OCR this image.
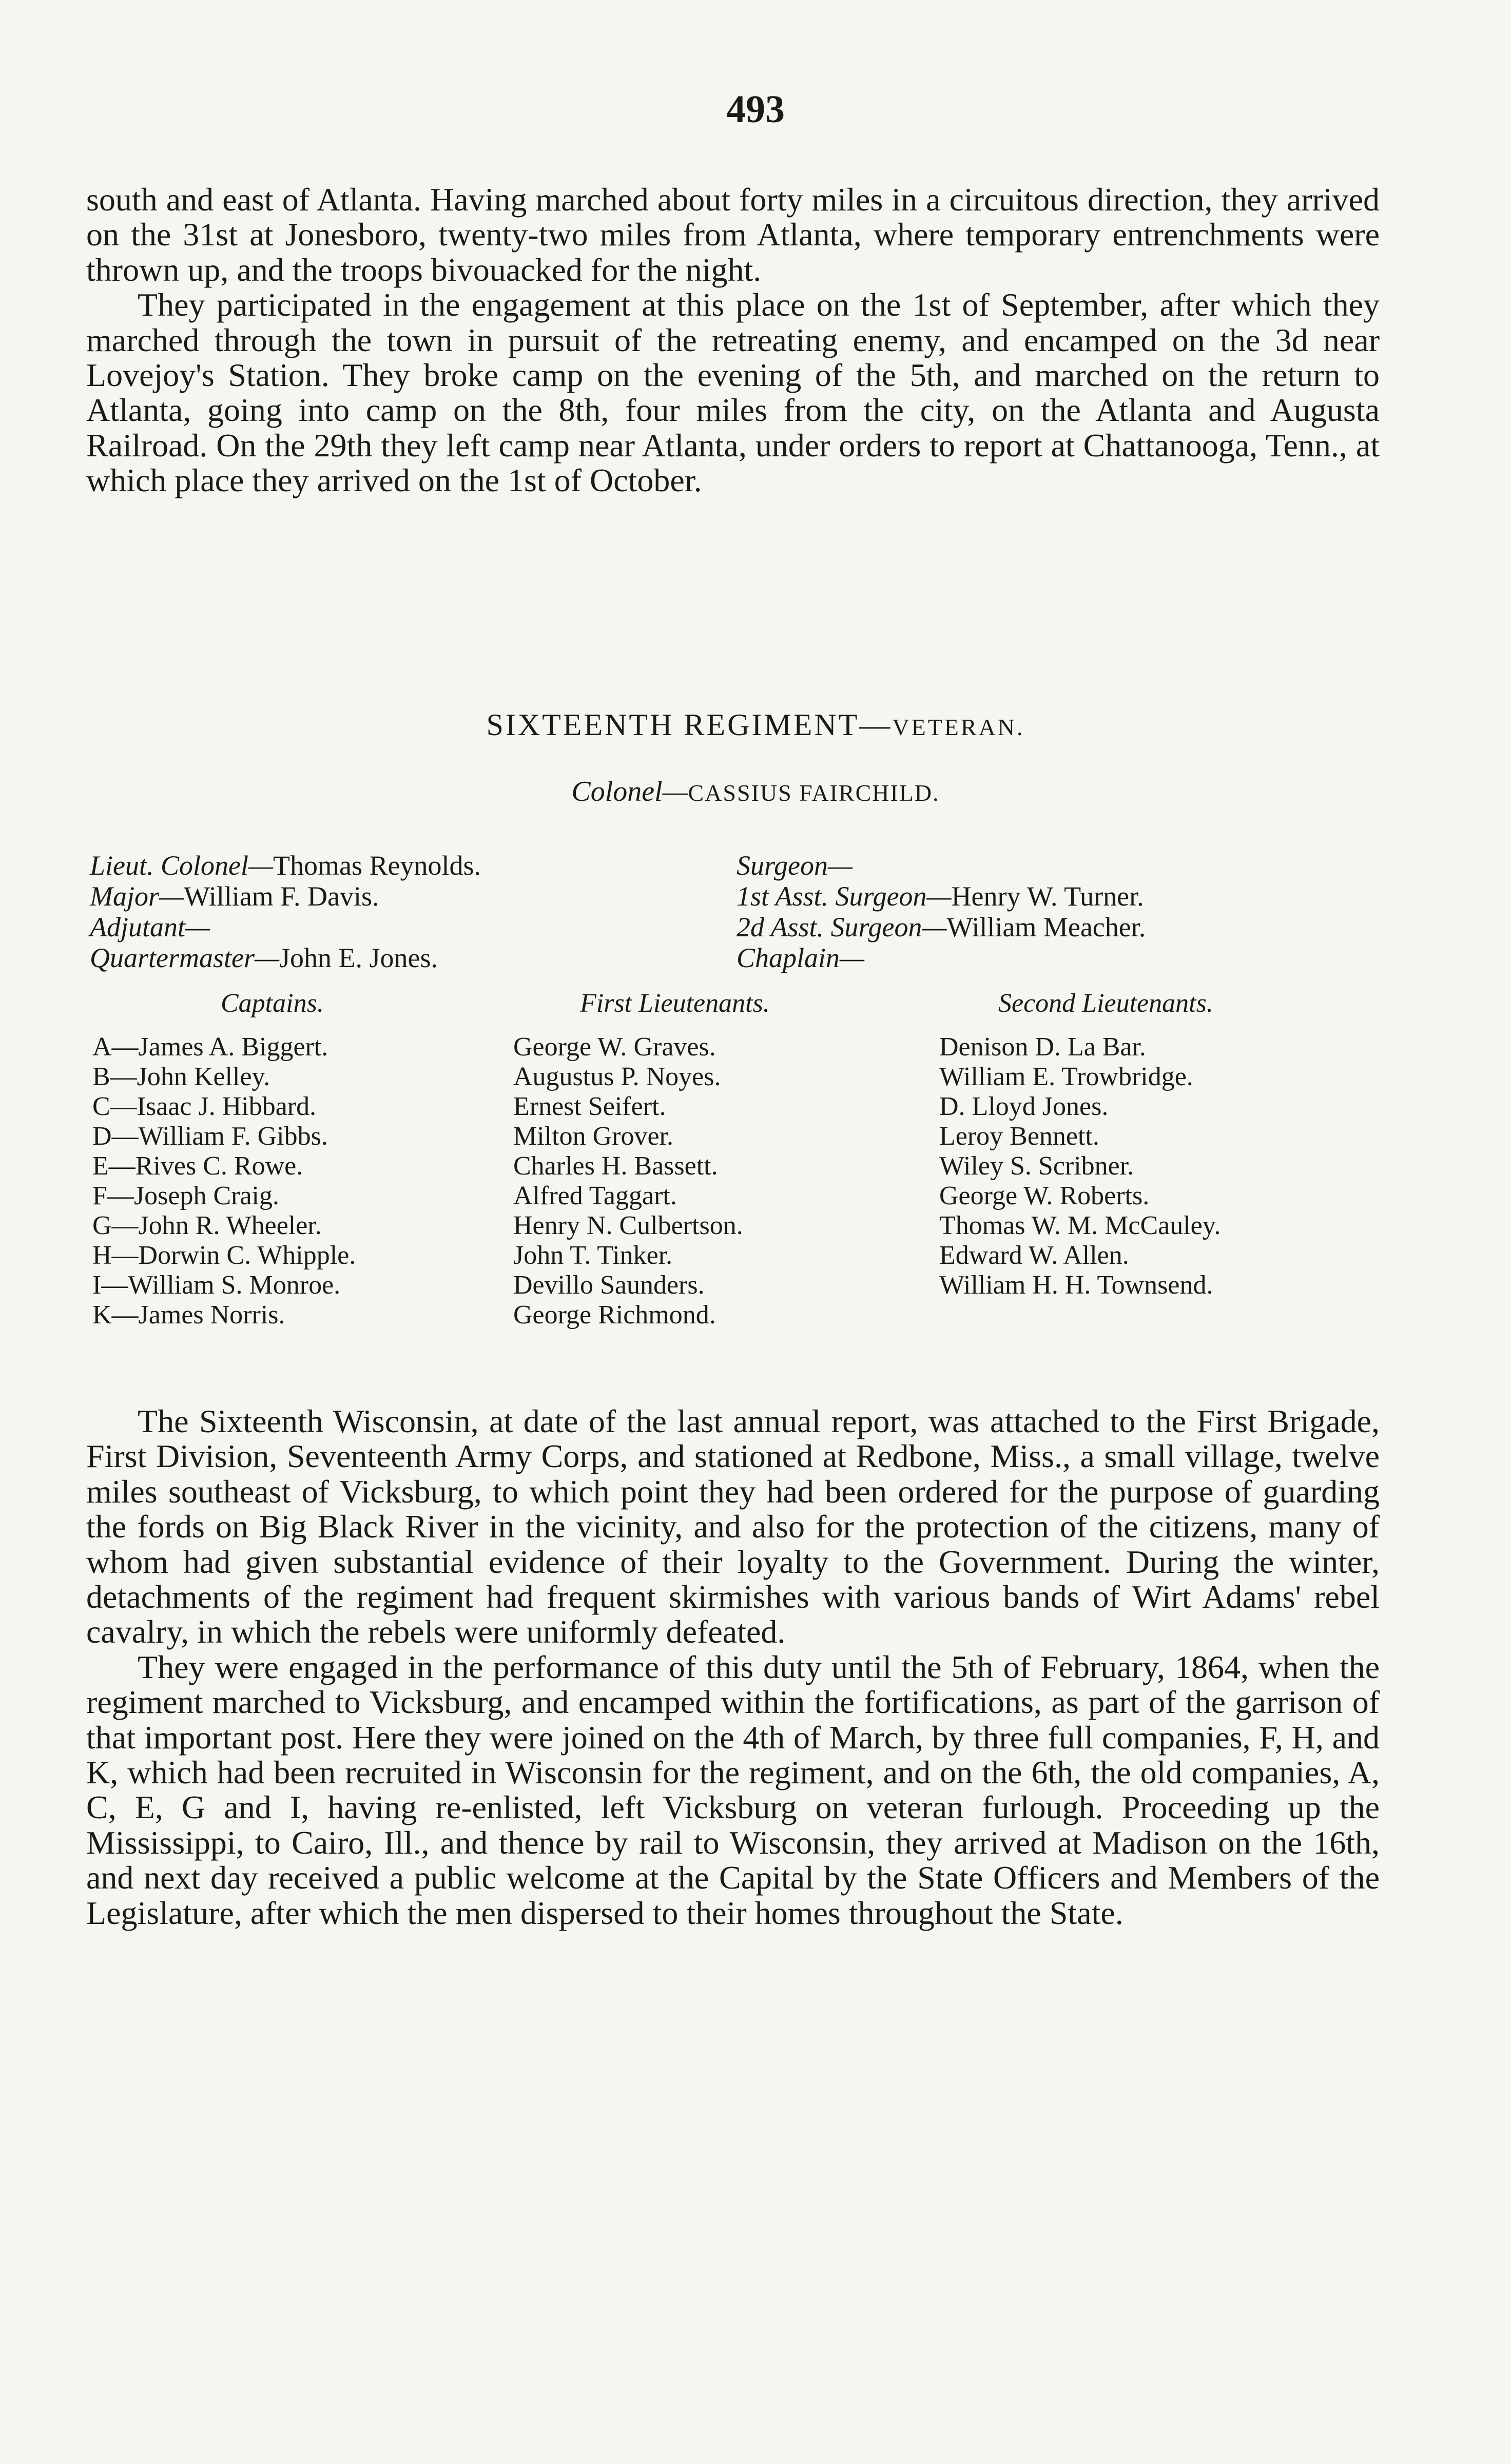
493

south and east of Atlanta. Having marched about forty miles in a circuitous direction, they arrived on the 31st at Jonesboro, twenty-two miles from Atlanta, where temporary entrenchments were thrown up, and the troops bivouacked for the night.

They participated in the engagement at this place on the 1st of September, after which they marched through the town in pursuit of the retreating enemy, and encamped on the 3d near Lovejoy's Station. They broke camp on the evening of the 5th, and marched on the return to Atlanta, going into camp on the 8th, four miles from the city, on the Atlanta and Augusta Railroad. On the 29th they left camp near Atlanta, under orders to report at Chattanooga, Tenn., at which place they arrived on the 1st of October.

SIXTEENTH REGIMENT—VETERAN.
Colonel—CASSIUS FAIRCHILD.
Lieut. Colonel—Thomas Reynolds.	Surgeon—
Major—William F. Davis.	1st Asst. Surgeon—Henry W. Turner.
Adjutant—	2d Asst. Surgeon—William Meacher.
Quartermaster—John E. Jones.	Chaplain—
Captains.	First Lieutenants.	Second Lieutenants.
A—James A. Biggert.	George W. Graves.	Denison D. La Bar.
B—John Kelley.	Augustus P. Noyes.	William E. Trowbridge.
C—Isaac J. Hibbard.	Ernest Seifert.	D. Lloyd Jones.
D—William F. Gibbs.	Milton Grover.	Leroy Bennett.
E—Rives C. Rowe.	Charles H. Bassett.	Wiley S. Scribner.
F—Joseph Craig.	Alfred Taggart.	George W. Roberts.
G—John R. Wheeler.	Henry N. Culbertson.	Thomas W. M. McCauley.
H—Dorwin C. Whipple.	John T. Tinker.	Edward W. Allen.
I—William S. Monroe.	Devillo Saunders.	William H. H. Townsend.
K—James Norris.	George Richmond.

The Sixteenth Wisconsin, at date of the last annual report, was attached to the First Brigade, First Division, Seventeenth Army Corps, and stationed at Redbone, Miss., a small village, twelve miles southeast of Vicksburg, to which point they had been ordered for the purpose of guarding the fords on Big Black River in the vicinity, and also for the protection of the citizens, many of whom had given substantial evidence of their loyalty to the Government. During the winter, detachments of the regiment had frequent skirmishes with various bands of Wirt Adams' rebel cavalry, in which the rebels were uniformly defeated.

They were engaged in the performance of this duty until the 5th of February, 1864, when the regiment marched to Vicksburg, and encamped within the fortifications, as part of the garrison of that important post. Here they were joined on the 4th of March, by three full companies, F, H, and K, which had been recruited in Wisconsin for the regiment, and on the 6th, the old companies, A, C, E, G and I, having re-enlisted, left Vicksburg on veteran furlough. Proceeding up the Mississippi, to Cairo, Ill., and thence by rail to Wisconsin, they arrived at Madison on the 16th, and next day received a public welcome at the Capital by the State Officers and Members of the Legislature, after which the men dispersed to their homes throughout the State.
